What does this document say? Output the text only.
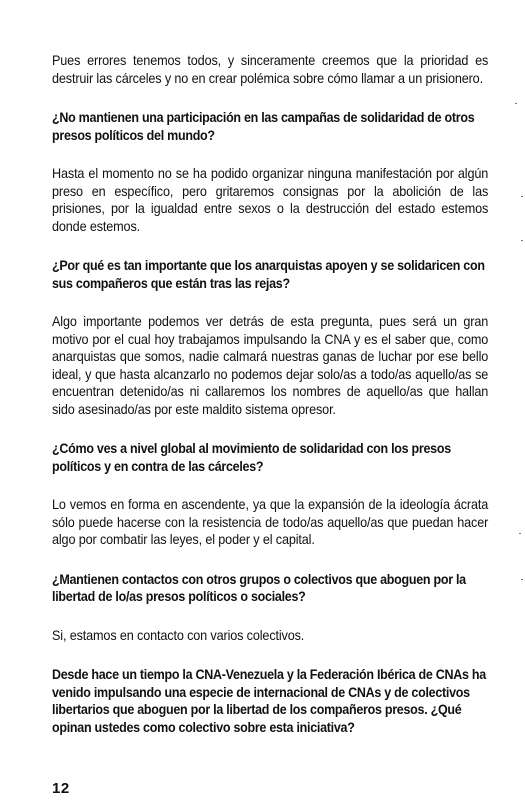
Pues errores tenemos todos, y sinceramente creemos que la prioridad es destruir las cárceles y no en crear polémica sobre cómo llamar a un prisionero.

¿No mantienen una participación en las campañas de solidaridad de otros presos políticos del mundo?

Hasta el momento no se ha podido organizar ninguna manifestación por algún preso en específico, pero gritaremos consignas por la abolición de las prisiones, por la igualdad entre sexos o la destrucción del estado estemos donde estemos.

¿Por qué es tan importante que los anarquistas apoyen y se solidaricen con sus compañeros que están tras las rejas?

Algo importante podemos ver detrás de esta pregunta, pues será un gran motivo por el cual hoy trabajamos impulsando la CNA y es el saber que, como anarquistas que somos, nadie calmará nuestras ganas de luchar por ese bello ideal, y que hasta alcanzarlo no podemos dejar solo/as a todo/as aquello/as se encuentran detenido/as ni callaremos los nombres de aquello/as que hallan sido asesinado/as por este maldito sistema opresor.

¿Cómo ves a nivel global al movimiento de solidaridad con los presos políticos y en contra de las cárceles?

Lo vemos en forma en ascendente, ya que la expansión de la ideología ácrata sólo puede hacerse con la resistencia de todo/as aquello/as que puedan hacer algo por combatir las leyes, el poder y el capital.

¿Mantienen contactos con otros grupos o colectivos que aboguen por la libertad de lo/as presos políticos o sociales?

Si, estamos en contacto con varios colectivos.

Desde hace un tiempo la CNA-Venezuela y la Federación Ibérica de CNAs ha venido impulsando una especie de internacional de CNAs y de colectivos libertarios que aboguen por la libertad de los compañeros presos. ¿Qué opinan ustedes como colectivo sobre esta iniciativa?

12
